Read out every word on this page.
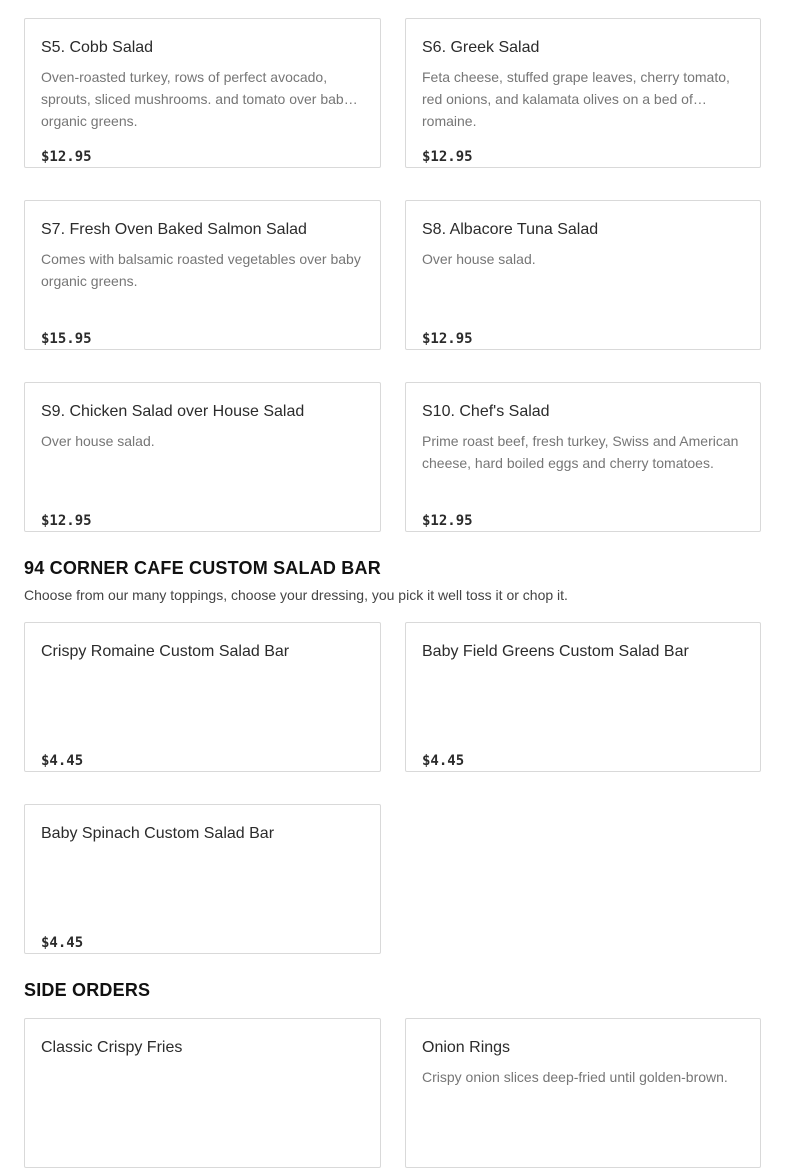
S5. Cobb Salad
Oven-roasted turkey, rows of perfect avocado, sprouts, sliced mushrooms. and tomato over baby organic greens.
$12.95
S6. Greek Salad
Feta cheese, stuffed grape leaves, cherry tomato, red onions, and kalamata olives on a bed of romaine.
$12.95
S7. Fresh Oven Baked Salmon Salad
Comes with balsamic roasted vegetables over baby organic greens.
$15.95
S8. Albacore Tuna Salad
Over house salad.
$12.95
S9. Chicken Salad over House Salad
Over house salad.
$12.95
S10. Chef's Salad
Prime roast beef, fresh turkey, Swiss and American cheese, hard boiled eggs and cherry tomatoes.
$12.95
94 CORNER CAFE CUSTOM SALAD BAR
Choose from our many toppings, choose your dressing, you pick it well toss it or chop it.
Crispy Romaine Custom Salad Bar
$4.45
Baby Field Greens Custom Salad Bar
$4.45
Baby Spinach Custom Salad Bar
$4.45
SIDE ORDERS
Classic Crispy Fries	Onion Rings
Crispy onion slices deep-fried until golden-brown.
